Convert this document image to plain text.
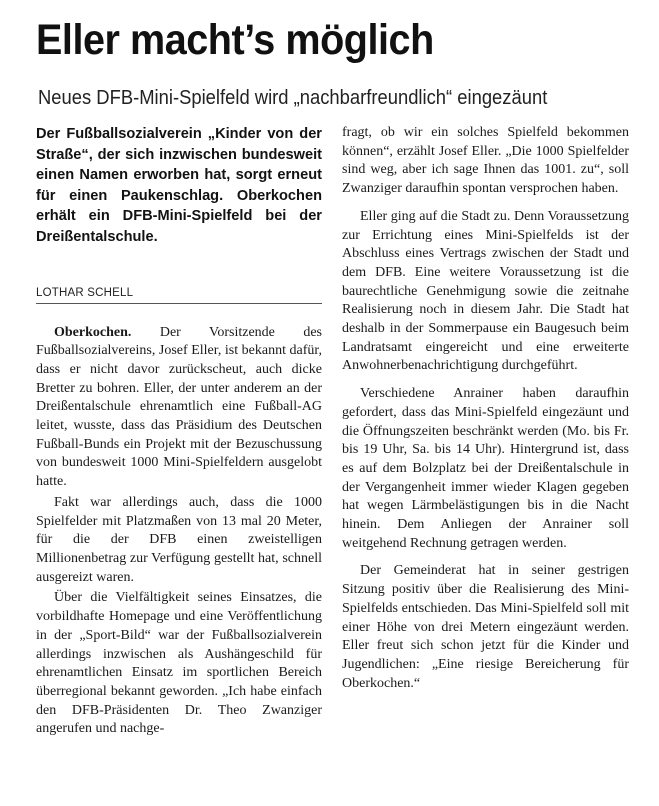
Eller macht’s möglich
Neues DFB-Mini-Spielfeld wird „nachbarfreundlich“ eingezäunt

Der Fußballsozialverein „Kinder von der Straße“, der sich inzwischen bundesweit einen Namen erworben hat, sorgt erneut für einen Paukenschlag. Oberkochen erhält ein DFB-Mini-Spielfeld bei der Dreißentalschule.

LOTHAR SCHELL

Oberkochen. Der Vorsitzende des Fußballsozialvereins, Josef Eller, ist bekannt dafür, dass er nicht davor zurückscheut, auch dicke Bretter zu bohren. Eller, der unter anderem an der Dreißentalschule ehrenamtlich eine Fußball-AG leitet, wusste, dass das Präsidium des Deutschen Fußball-Bunds ein Projekt mit der Bezuschussung von bundesweit 1000 Mini-Spielfeldern ausgelobt hatte.

Fakt war allerdings auch, dass die 1000 Spielfelder mit Platzmaßen von 13 mal 20 Meter, für die der DFB einen zweistelligen Millionenbetrag zur Verfügung gestellt hat, schnell ausgereizt waren.

Über die Vielfältigkeit seines Einsatzes, die vorbildhafte Homepage und eine Veröffentlichung in der „Sport-Bild“ war der Fußballsozialverein allerdings inzwischen als Aushängeschild für ehrenamtlichen Einsatz im sportlichen Bereich überregional bekannt geworden. „Ich habe einfach den DFB-Präsidenten Dr. Theo Zwanziger angerufen und nachge-

fragt, ob wir ein solches Spielfeld bekommen können“, erzählt Josef Eller. „Die 1000 Spielfelder sind weg, aber ich sage Ihnen das 1001. zu“, soll Zwanziger daraufhin spontan versprochen haben.

Eller ging auf die Stadt zu. Denn Voraussetzung zur Errichtung eines Mini-Spielfelds ist der Abschluss eines Vertrags zwischen der Stadt und dem DFB. Eine weitere Voraussetzung ist die baurechtliche Genehmigung sowie die zeitnahe Realisierung noch in diesem Jahr. Die Stadt hat deshalb in der Sommerpause ein Baugesuch beim Landratsamt eingereicht und eine erweiterte Anwohnerbenachrichtigung durchgeführt.

Verschiedene Anrainer haben daraufhin gefordert, dass das Mini-Spielfeld eingezäunt und die Öffnungszeiten beschränkt werden (Mo. bis Fr. bis 19 Uhr, Sa. bis 14 Uhr). Hintergrund ist, dass es auf dem Bolzplatz bei der Dreißentalschule in der Vergangenheit immer wieder Klagen gegeben hat wegen Lärmbelästigungen bis in die Nacht hinein. Dem Anliegen der Anrainer soll weitgehend Rechnung getragen werden.

Der Gemeinderat hat in seiner gestrigen Sitzung positiv über die Realisierung des Mini-Spielfelds entschieden. Das Mini-Spielfeld soll mit einer Höhe von drei Metern eingezäunt werden. Eller freut sich schon jetzt für die Kinder und Jugendlichen: „Eine riesige Bereicherung für Oberkochen.“
